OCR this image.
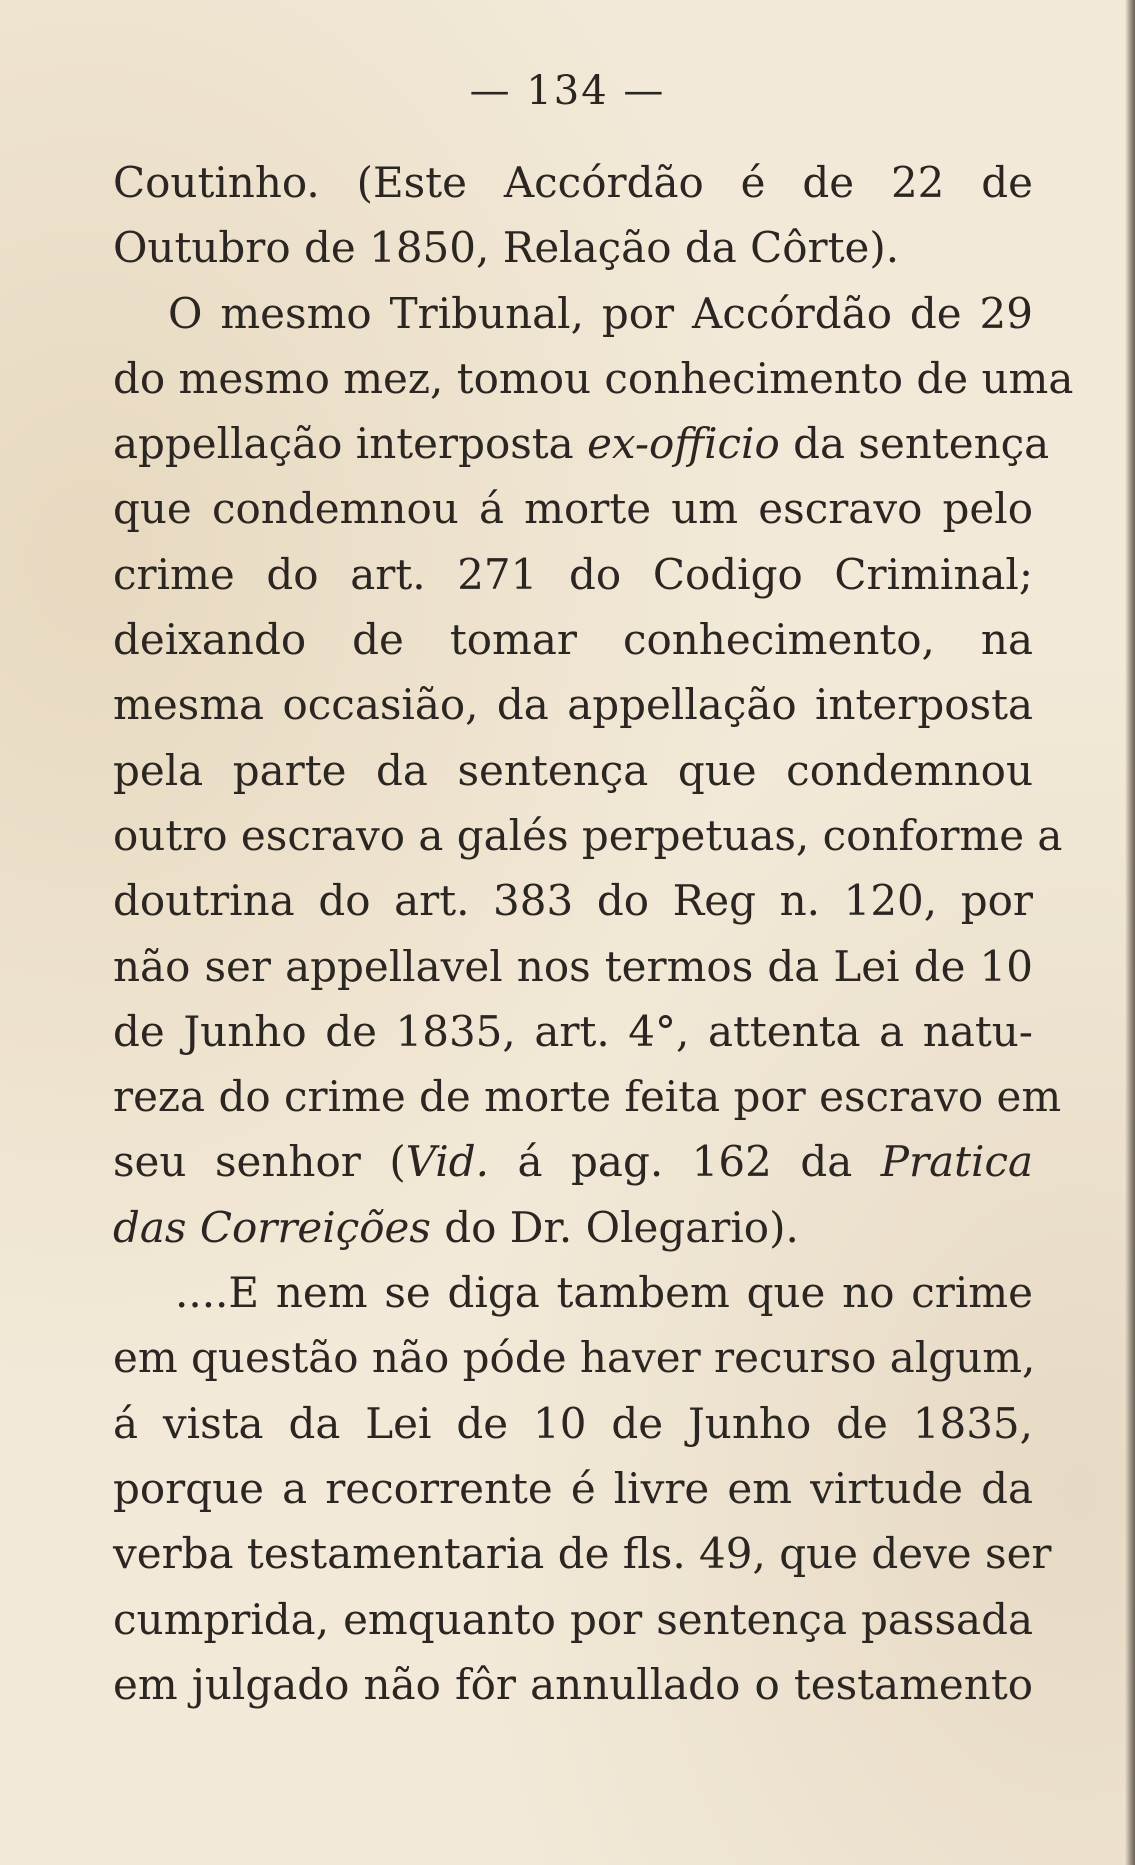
— 134 —
Coutinho. (Este Accórdão é de 22 de
Outubro de 1850, Relação da Côrte).
O mesmo Tribunal, por Accórdão de 29
do mesmo mez, tomou conhecimento de uma
appellação interposta ex-officio da sentença
que condemnou á morte um escravo pelo
crime do art. 271 do Codigo Criminal;
deixando de tomar conhecimento, na
mesma occasião, da appellação interposta
pela parte da sentença que condemnou
outro escravo a galés perpetuas, conforme a
doutrina do art. 383 do Reg n. 120, por
não ser appellavel nos termos da Lei de 10
de Junho de 1835, art. 4°, attenta a natu-
reza do crime de morte feita por escravo em
seu senhor (Vid. á pag. 162 da Pratica
das Correições do Dr. Olegario).
....E nem se diga tambem que no crime
em questão não póde haver recurso algum,
á vista da Lei de 10 de Junho de 1835,
porque a recorrente é livre em virtude da
verba testamentaria de fls. 49, que deve ser
cumprida, emquanto por sentença passada
em julgado não fôr annullado o testamento
